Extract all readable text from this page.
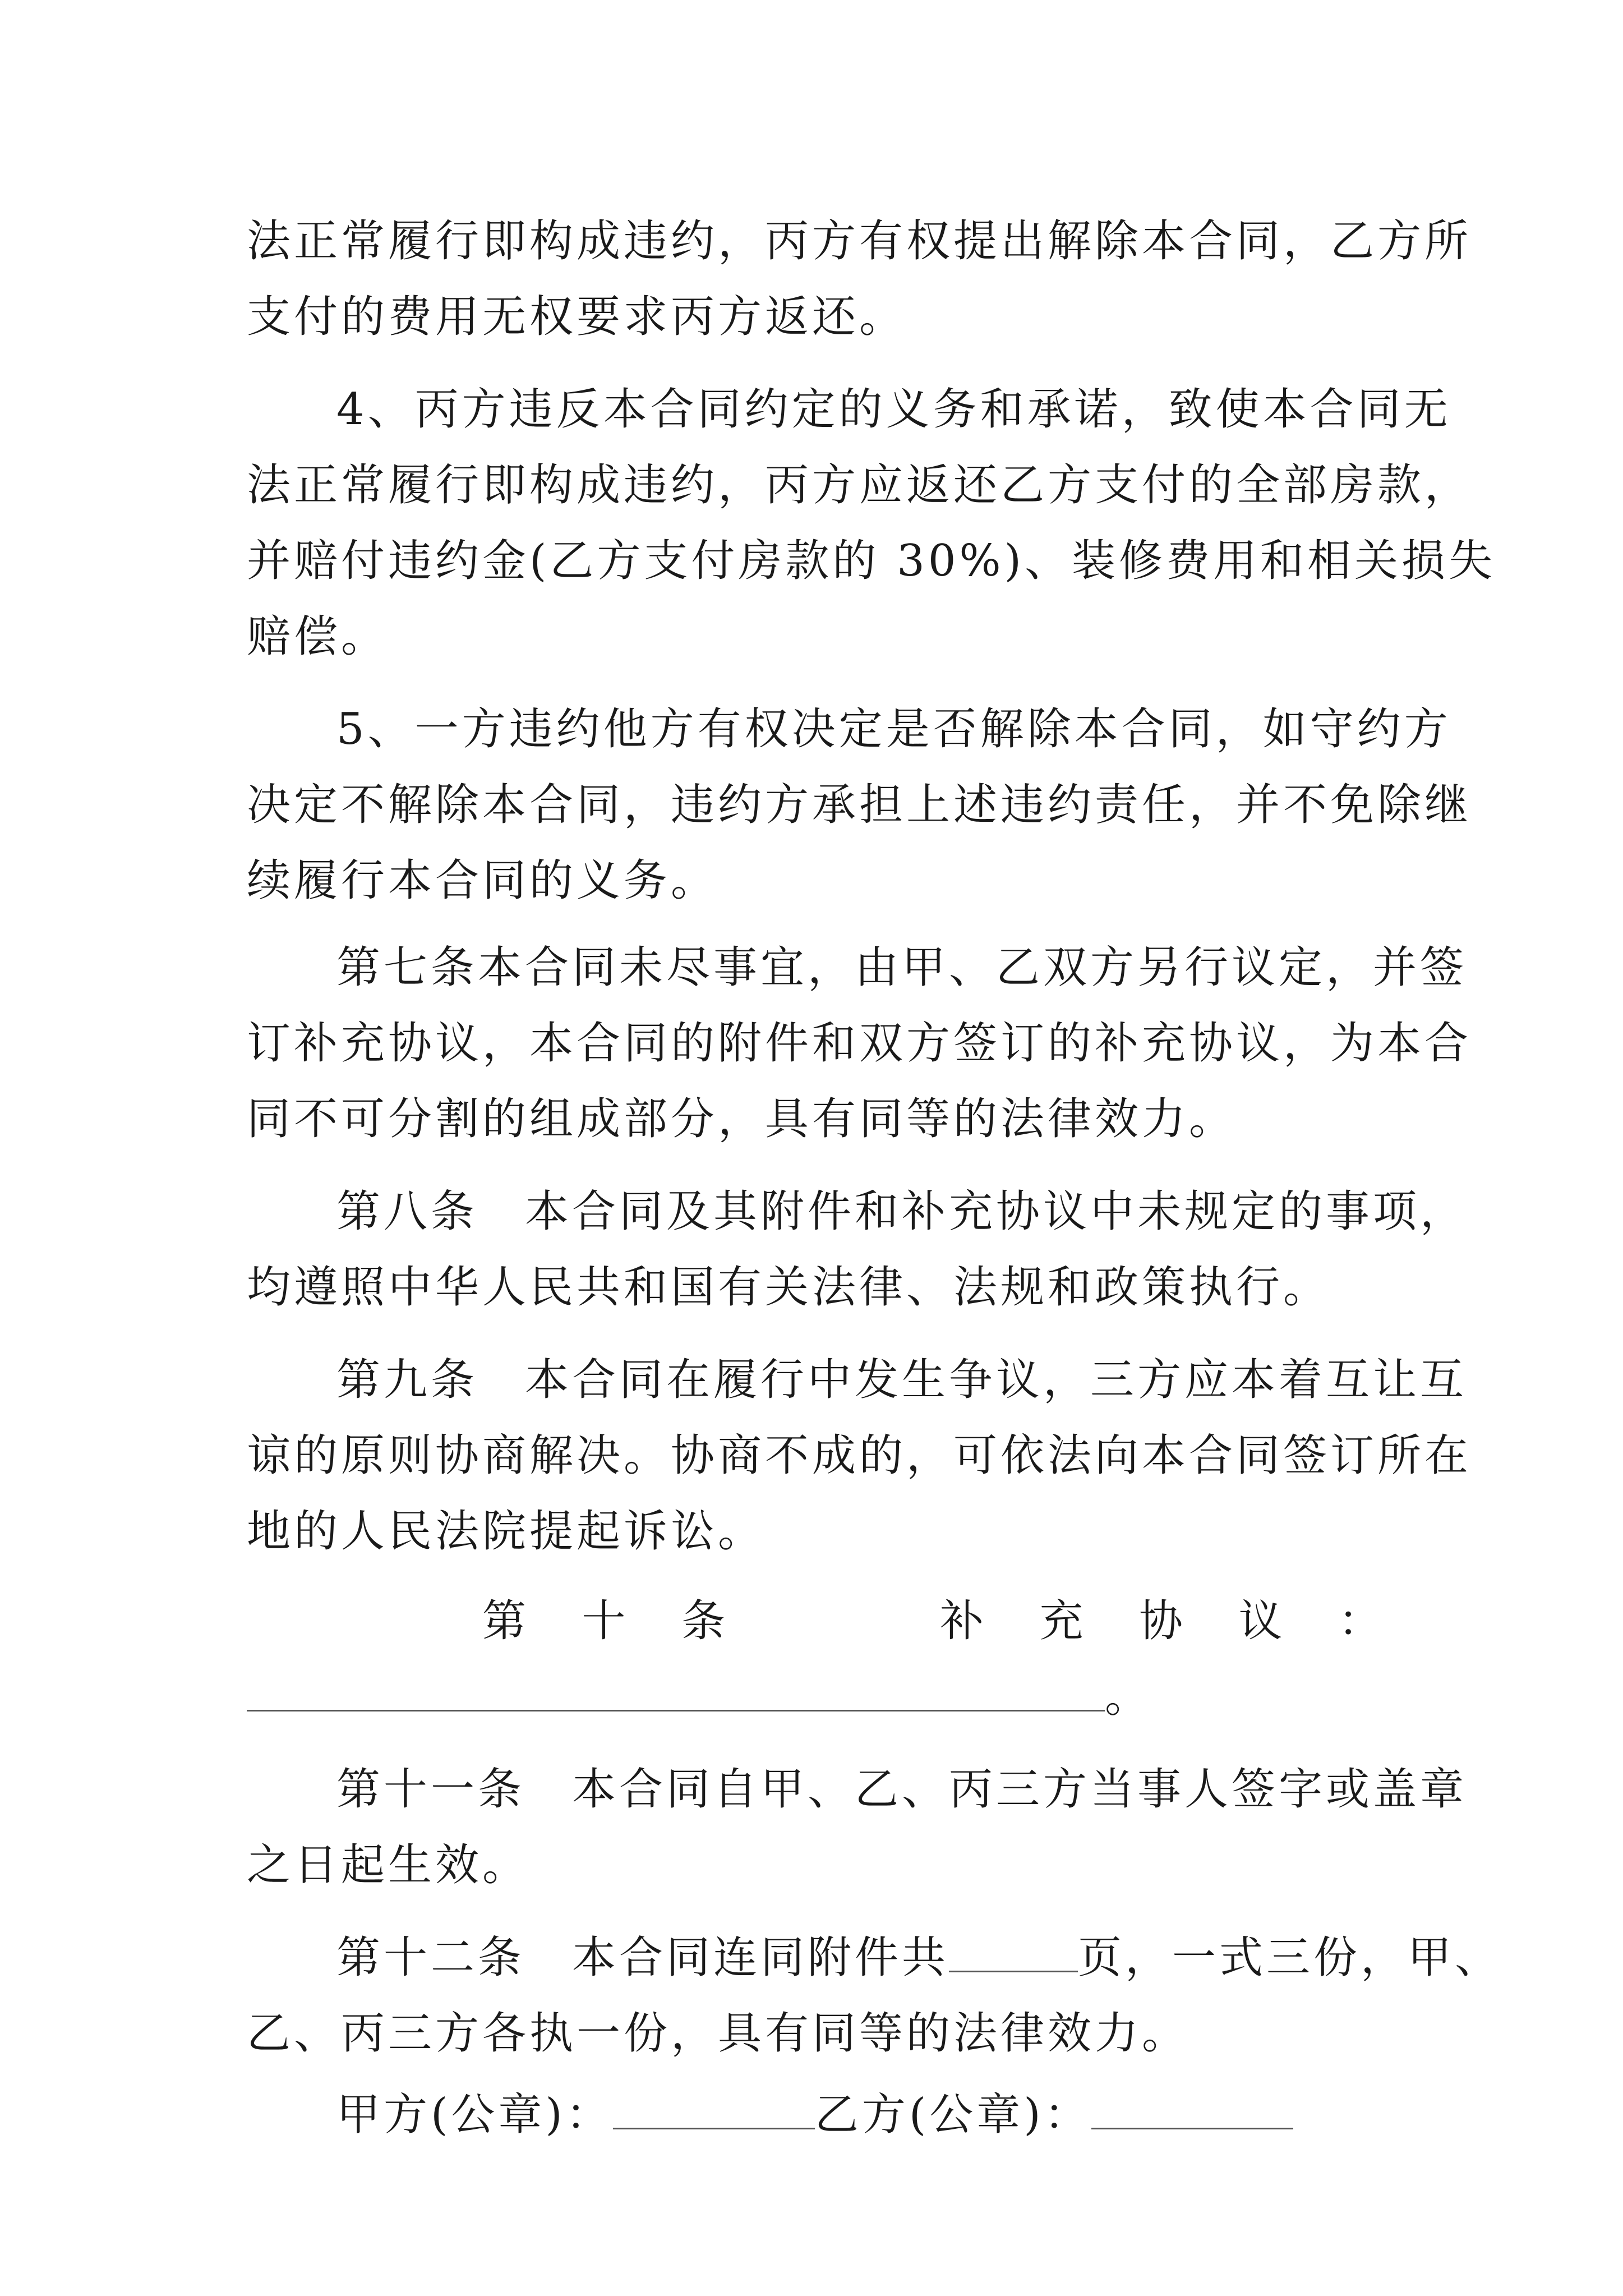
法正常履行即构成违约，丙方有权提出解除本合同，乙方所
支付的费用无权要求丙方返还。
4、丙方违反本合同约定的义务和承诺，致使本合同无
法正常履行即构成违约，丙方应返还乙方支付的全部房款，
并赔付违约金(乙方支付房款的 30%)、装修费用和相关损失
赔偿。
5、一方违约他方有权决定是否解除本合同，如守约方
决定不解除本合同，违约方承担上述违约责任，并不免除继
续履行本合同的义务。
第七条本合同未尽事宜，由甲、乙双方另行议定，并签
订补充协议，本合同的附件和双方签订的补充协议，为本合
同不可分割的组成部分，具有同等的法律效力。
第八条　本合同及其附件和补充协议中未规定的事项，
均遵照中华人民共和国有关法律、法规和政策执行。
第九条　本合同在履行中发生争议，三方应本着互让互
谅的原则协商解决。协商不成的，可依法向本合同签订所在
地的人民法院提起诉讼。
第 十 条	补 充 协 议 ：
。
第十一条　本合同自甲、乙、丙三方当事人签字或盖章
之日起生效。
第十二条　本合同连同附件共	页，一式三份，甲、
乙、丙三方各执一份，具有同等的法律效力。
甲方(公章)：	乙方(公章)：
